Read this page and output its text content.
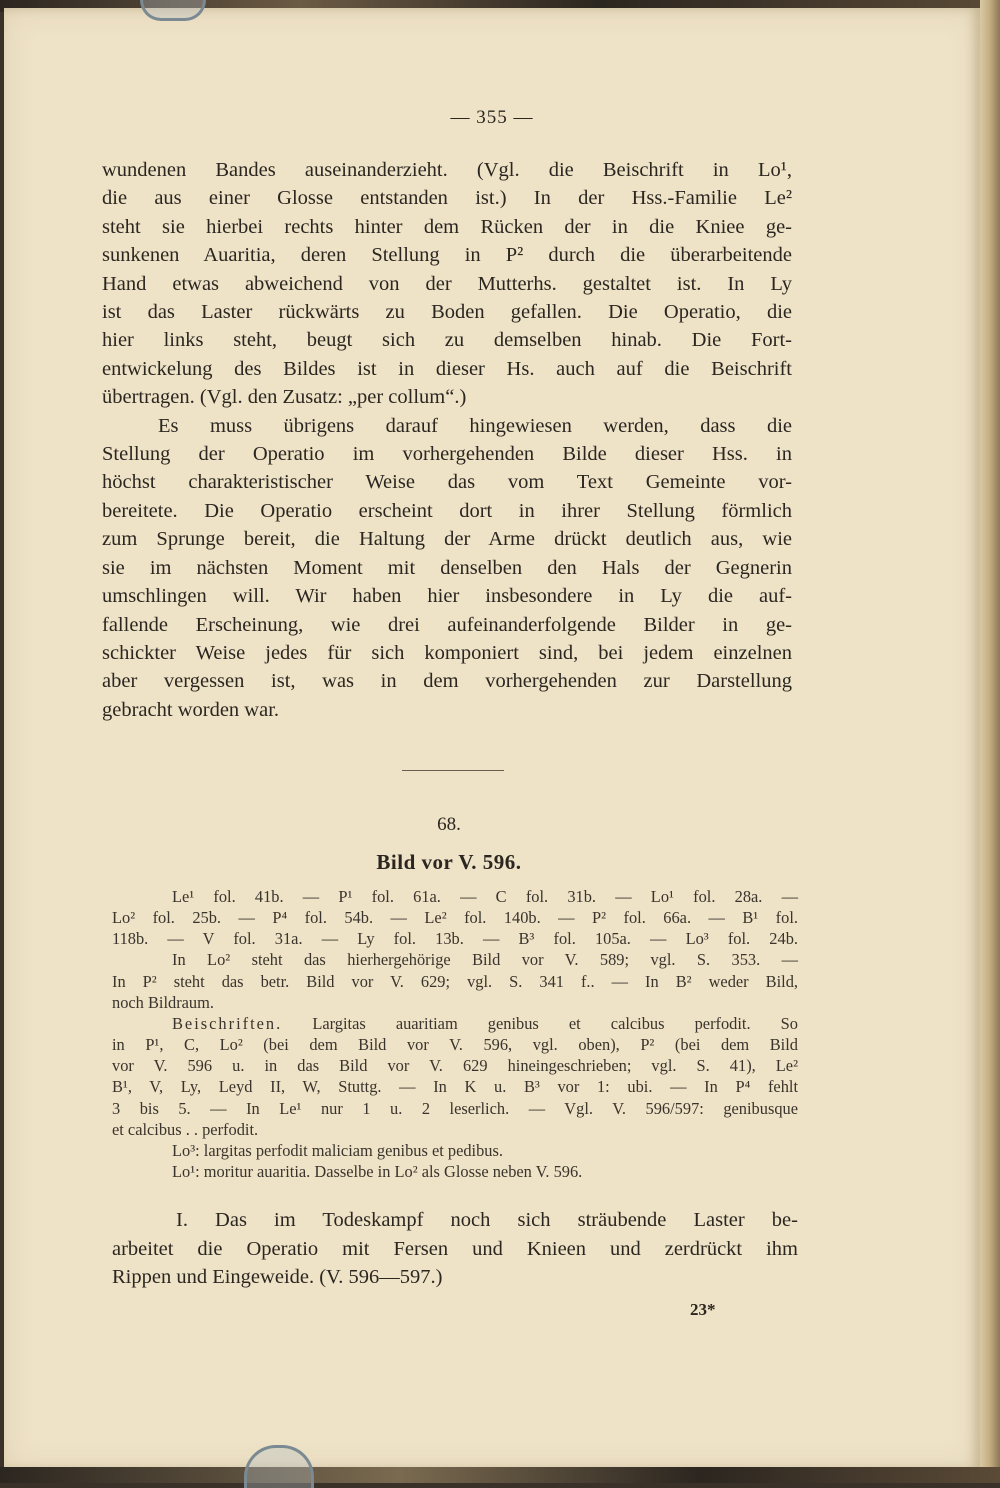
— 355 —
wundenen Bandes auseinanderzieht. (Vgl. die Beischrift in Lo¹,
die aus einer Glosse entstanden ist.) In der Hss.-Familie Le²
steht sie hierbei rechts hinter dem Rücken der in die Kniee ge-
sunkenen Auaritia, deren Stellung in P² durch die überarbeitende
Hand etwas abweichend von der Mutterhs. gestaltet ist. In Ly
ist das Laster rückwärts zu Boden gefallen. Die Operatio, die
hier links steht, beugt sich zu demselben hinab. Die Fort-
entwickelung des Bildes ist in dieser Hs. auch auf die Beischrift
übertragen. (Vgl. den Zusatz: „per collum“.)
Es muss übrigens darauf hingewiesen werden, dass die
Stellung der Operatio im vorhergehenden Bilde dieser Hss. in
höchst charakteristischer Weise das vom Text Gemeinte vor-
bereitete. Die Operatio erscheint dort in ihrer Stellung förmlich
zum Sprunge bereit, die Haltung der Arme drückt deutlich aus, wie
sie im nächsten Moment mit denselben den Hals der Gegnerin
umschlingen will. Wir haben hier insbesondere in Ly die auf-
fallende Erscheinung, wie drei aufeinanderfolgende Bilder in ge-
schickter Weise jedes für sich komponiert sind, bei jedem einzelnen
aber vergessen ist, was in dem vorhergehenden zur Darstellung
gebracht worden war.
68.
Bild vor V. 596.
Le¹ fol. 41b. — P¹ fol. 61a. — C fol. 31b. — Lo¹ fol. 28a. —
Lo² fol. 25b. — P⁴ fol. 54b. — Le² fol. 140b. — P² fol. 66a. — B¹ fol.
118b. — V fol. 31a. — Ly fol. 13b. — B³ fol. 105a. — Lo³ fol. 24b.
In Lo² steht das hierhergehörige Bild vor V. 589; vgl. S. 353. —
In P² steht das betr. Bild vor V. 629; vgl. S. 341 f.. — In B² weder Bild,
noch Bildraum.
Beischriften. Largitas auaritiam genibus et calcibus perfodit. So
in P¹, C, Lo² (bei dem Bild vor V. 596, vgl. oben), P² (bei dem Bild
vor V. 596 u. in das Bild vor V. 629 hineingeschrieben; vgl. S. 41), Le²
B¹, V, Ly, Leyd II, W, Stuttg. — In K u. B³ vor 1: ubi. — In P⁴ fehlt
3 bis 5. — In Le¹ nur 1 u. 2 leserlich. — Vgl. V. 596/597: genibusque
et calcibus . . perfodit.
Lo³: largitas perfodit maliciam genibus et pedibus.
Lo¹: moritur auaritia. Dasselbe in Lo² als Glosse neben V. 596.
I. Das im Todeskampf noch sich sträubende Laster be-
arbeitet die Operatio mit Fersen und Knieen und zerdrückt ihm
Rippen und Eingeweide. (V. 596—597.)
23*
